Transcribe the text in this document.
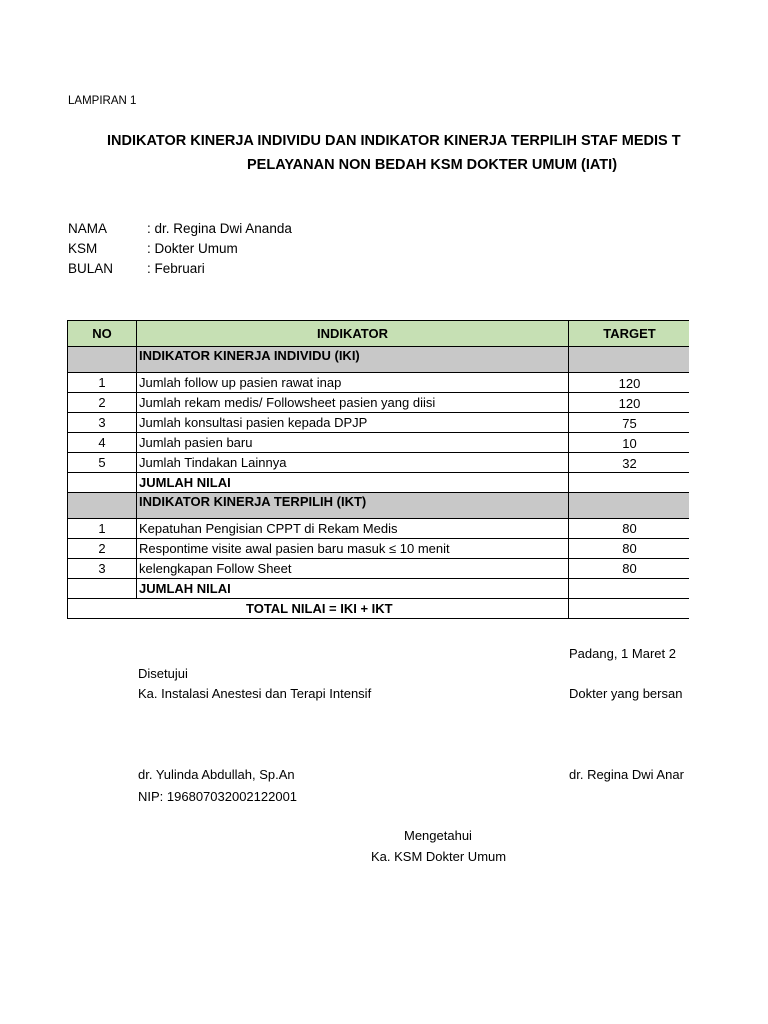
LAMPIRAN 1
INDIKATOR KINERJA INDIVIDU DAN INDIKATOR KINERJA TERPILIH STAF MEDIS T
PELAYANAN NON BEDAH KSM DOKTER UMUM (IATI)
NAMA	: dr. Regina Dwi Ananda
KSM	: Dokter Umum
BULAN	: Februari
NO	INDIKATOR	TARGET
	INDIKATOR KINERJA INDIVIDU (IKI)	
1	Jumlah follow up pasien rawat inap	120
2	Jumlah rekam medis/ Followsheet pasien yang diisi	120
3	Jumlah konsultasi pasien kepada DPJP	75
4	Jumlah pasien baru	10
5	Jumlah Tindakan Lainnya	32
	JUMLAH NILAI	
	INDIKATOR KINERJA TERPILIH (IKT)	
1	Kepatuhan Pengisian CPPT di Rekam Medis	80
2	Respontime visite awal pasien baru masuk ≤ 10 menit	80
3	kelengkapan Follow Sheet	80
	JUMLAH NILAI	
TOTAL NILAI = IKI + IKT		
Padang, 1 Maret 2
Disetujui
Ka. Instalasi Anestesi dan Terapi Intensif	Dokter yang bersan
dr. Yulinda Abdullah, Sp.An	dr. Regina Dwi Anar
NIP: 196807032002122001
Mengetahui
Ka. KSM Dokter Umum
